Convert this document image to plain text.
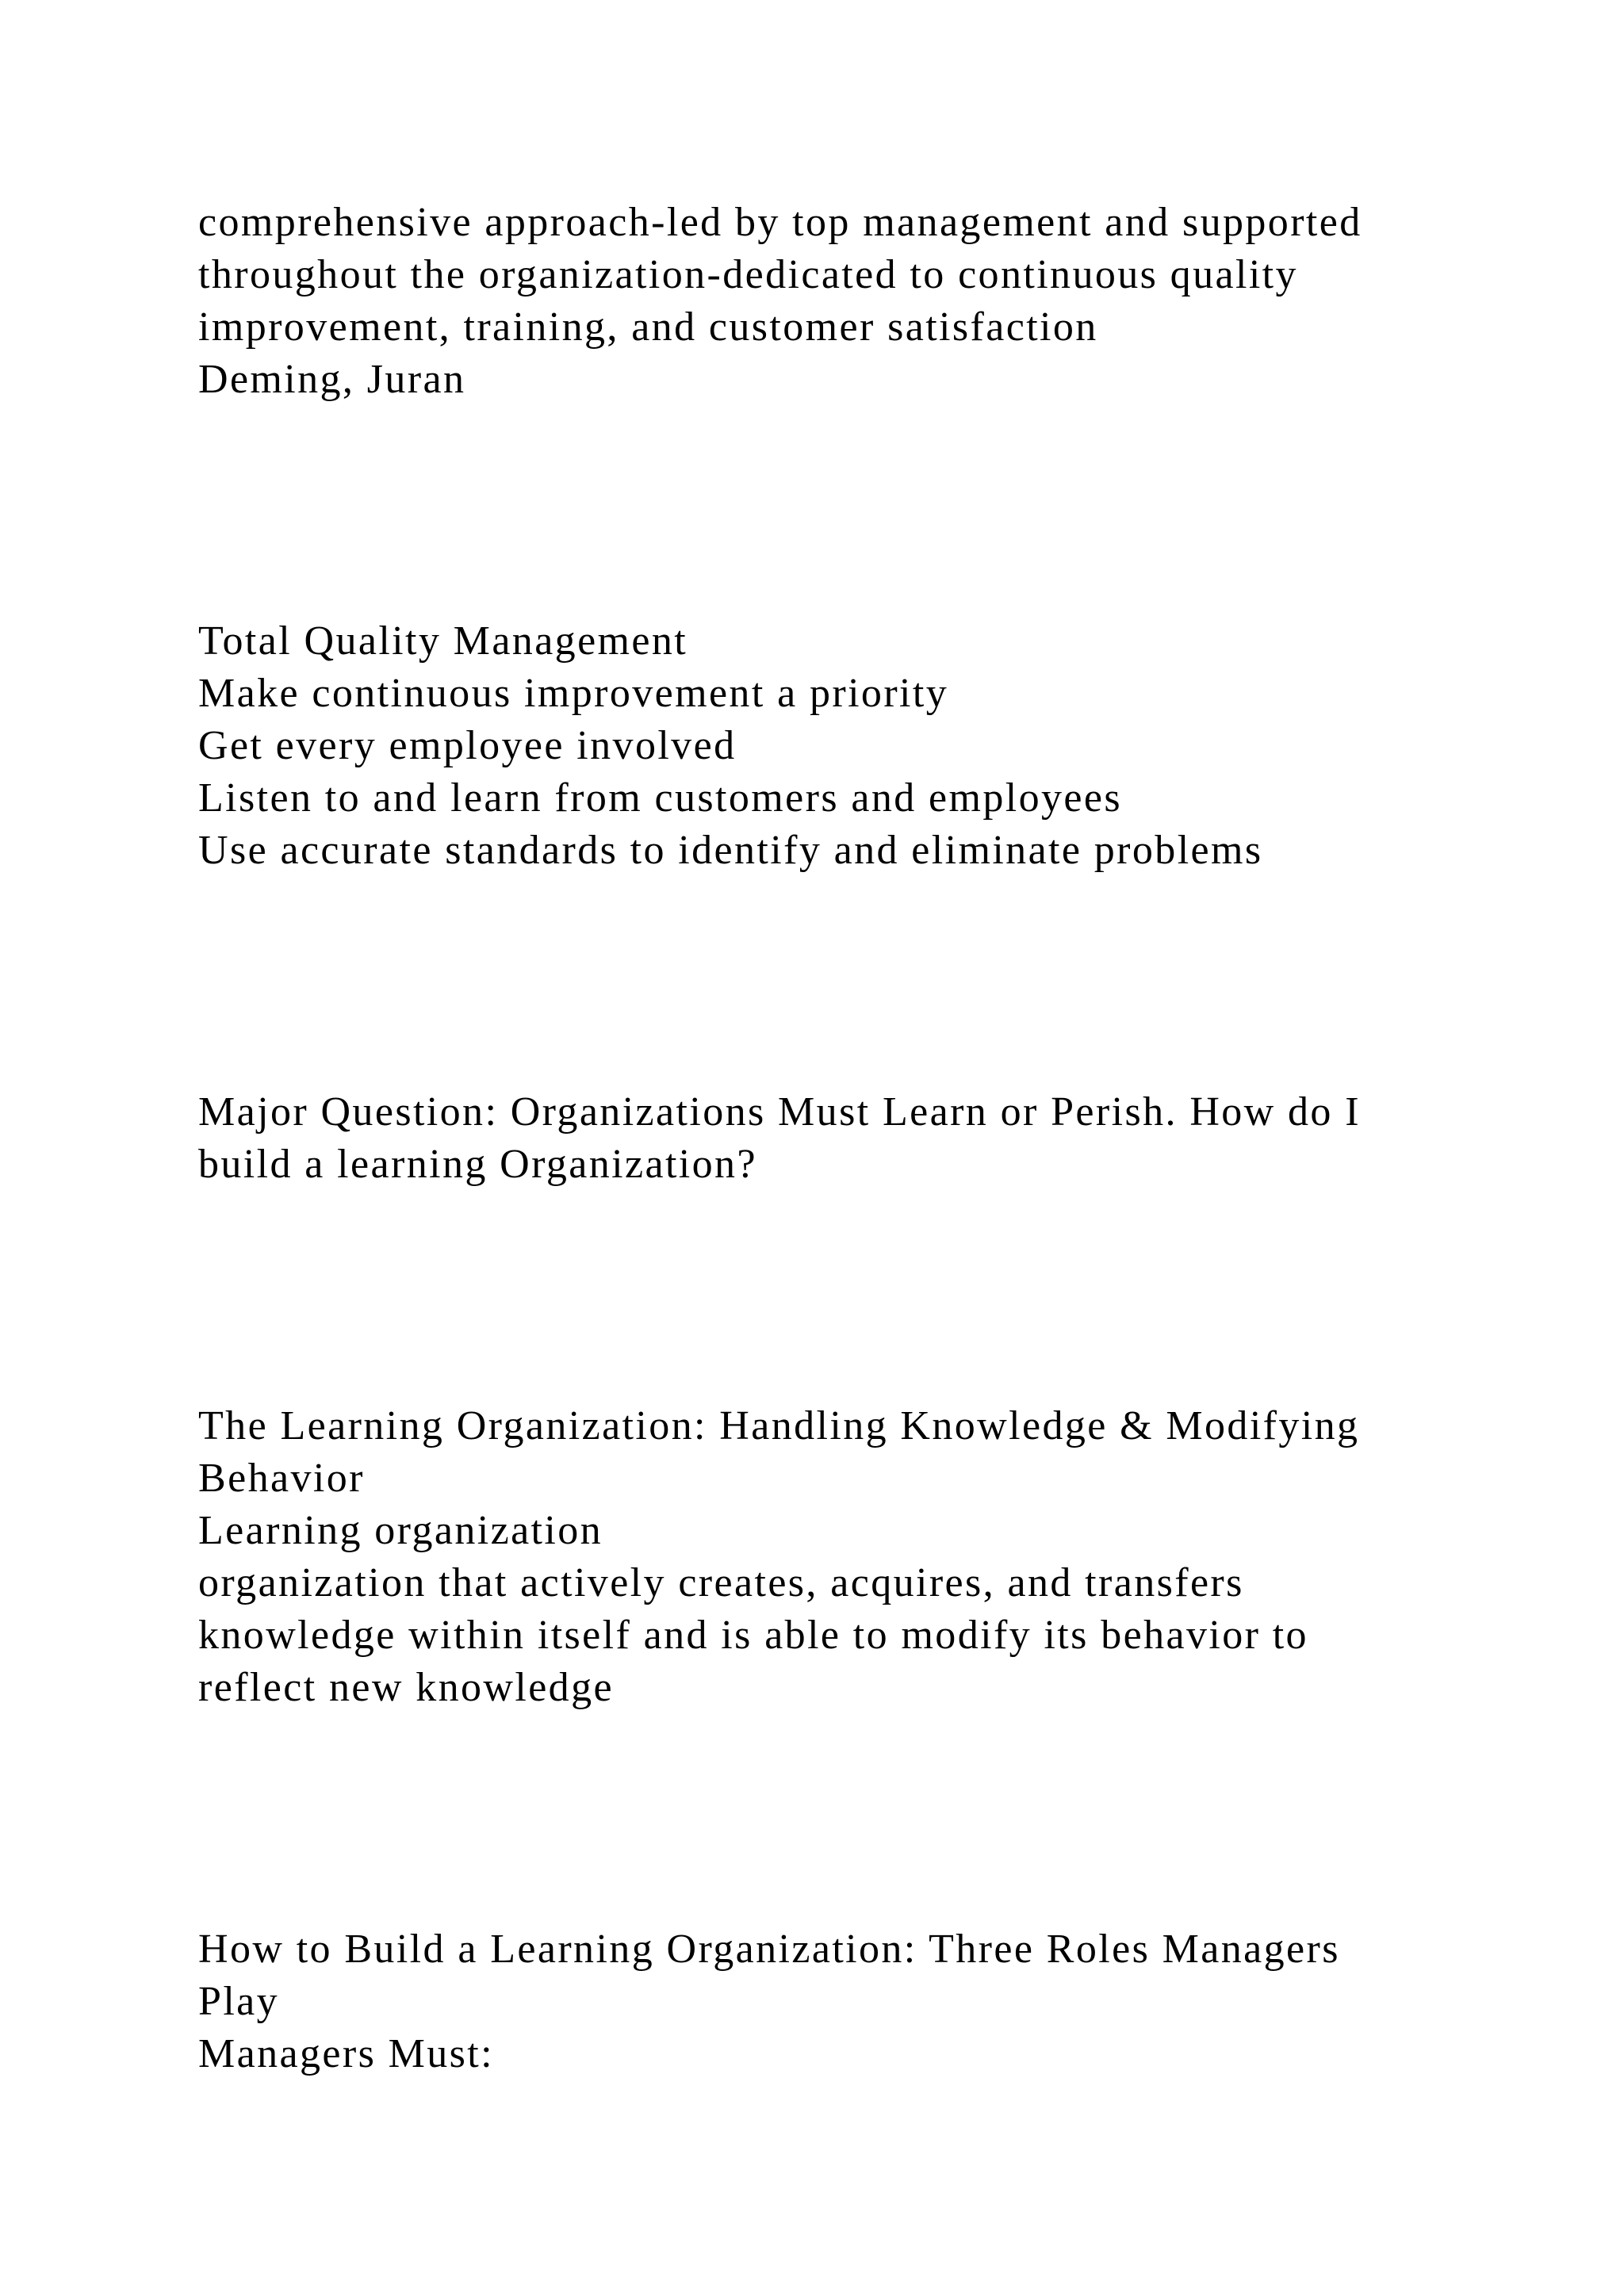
comprehensive approach-led by top management and supported

throughout the organization-dedicated to continuous quality

improvement, training, and customer satisfaction

Deming, Juran

Total Quality Management

Make continuous improvement a priority

Get every employee involved

Listen to and learn from customers and employees

Use accurate standards to identify and eliminate problems

Major Question: Organizations Must Learn or Perish. How do I

build a learning Organization?

The Learning Organization: Handling Knowledge & Modifying

Behavior

Learning organization

organization that actively creates, acquires, and transfers

knowledge within itself and is able to modify its behavior to

reflect new knowledge

How to Build a Learning Organization: Three Roles Managers

Play

Managers Must:
